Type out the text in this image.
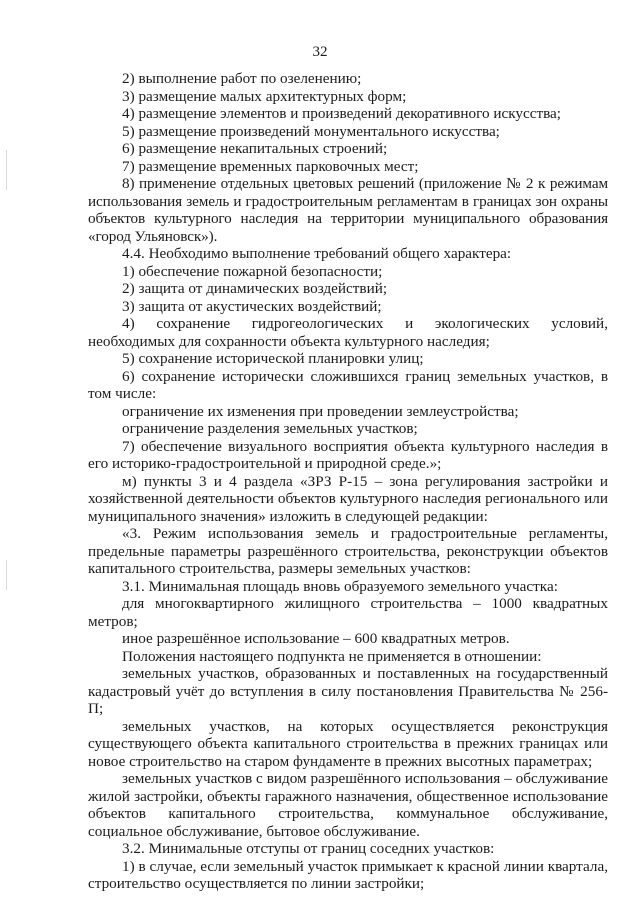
32

2) выполнение работ по озеленению;

3) размещение малых архитектурных форм;

4) размещение элементов и произведений декоративного искусства;

5) размещение произведений монументального искусства;

6) размещение некапитальных строений;

7) размещение временных парковочных мест;

8) применение отдельных цветовых решений (приложение № 2 к режимам использования земель и градостроительным регламентам в границах зон охраны объектов культурного наследия на территории муниципального образования «город Ульяновск»).

4.4. Необходимо выполнение требований общего характера:

1) обеспечение пожарной безопасности;

2) защита от динамических воздействий;

3) защита от акустических воздействий;

4) сохранение гидрогеологических и экологических условий, необходимых для сохранности объекта культурного наследия;

5) сохранение исторической планировки улиц;

6) сохранение исторически сложившихся границ земельных участков, в том числе:

ограничение их изменения при проведении землеустройства;

ограничение разделения земельных участков;

7) обеспечение визуального восприятия объекта культурного наследия в его историко-градостроительной и природной среде.»;

м) пункты 3 и 4 раздела «ЗРЗ Р-15 – зона регулирования застройки и хозяйственной деятельности объектов культурного наследия регионального или муниципального значения» изложить в следующей редакции:

«3. Режим использования земель и градостроительные регламенты, предельные параметры разрешённого строительства, реконструкции объектов капитального строительства, размеры земельных участков:

3.1. Минимальная площадь вновь образуемого земельного участка:

для многоквартирного жилищного строительства – 1000 квадратных метров;

иное разрешённое использование – 600 квадратных метров.

Положения настоящего подпункта не применяется в отношении:

земельных участков, образованных и поставленных на государственный кадастровый учёт до вступления в силу постановления Правительства № 256-П;

земельных участков, на которых осуществляется реконструкция существующего объекта капитального строительства в прежних границах или новое строительство на старом фундаменте в прежних высотных параметрах;

земельных участков с видом разрешённого использования – обслуживание жилой застройки, объекты гаражного назначения, общественное использование объектов капитального строительства, коммунальное обслуживание, социальное обслуживание, бытовое обслуживание.

3.2. Минимальные отступы от границ соседних участков:

1) в случае, если земельный участок примыкает к красной линии квартала, строительство осуществляется по линии застройки;
